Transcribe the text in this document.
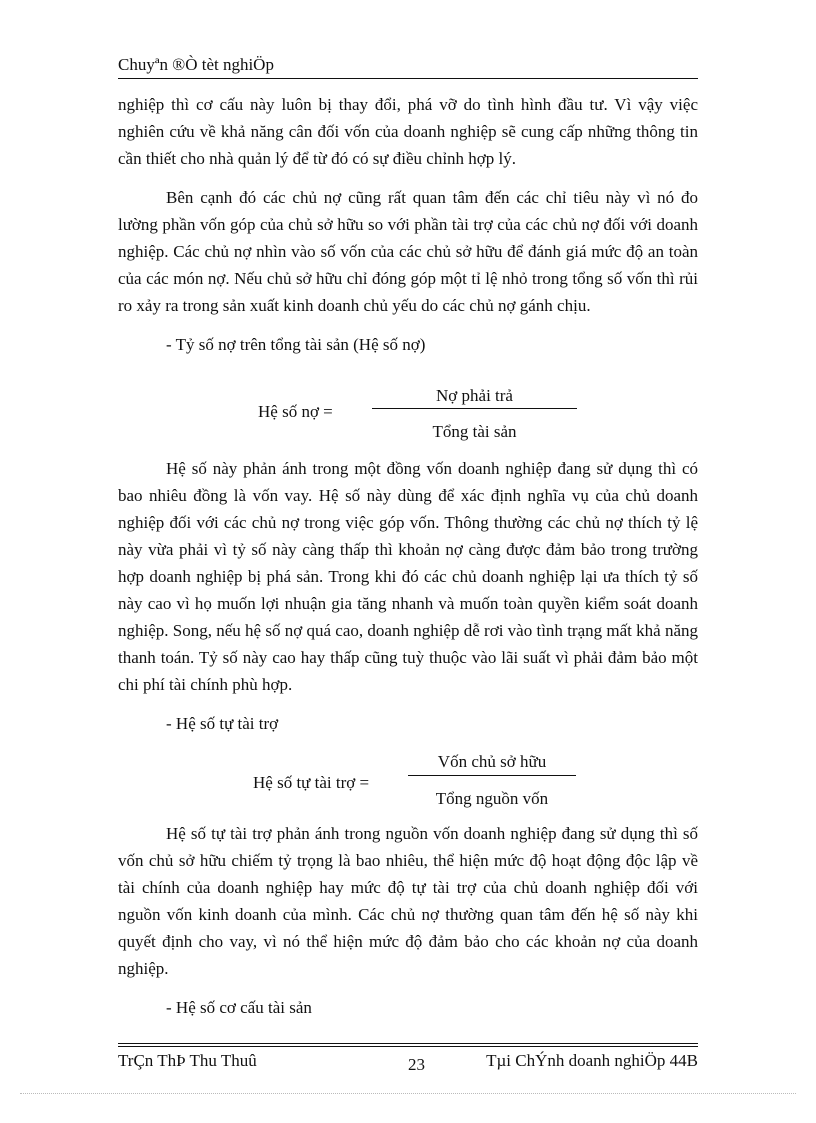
Chuyªn ®Ò tèt nghiÖp

nghiệp thì cơ cấu này luôn bị thay đổi, phá vỡ do tình hình đầu tư. Vì vậy việc nghiên cứu về khả năng cân đối vốn của doanh nghiệp sẽ cung cấp những thông tin cần thiết cho nhà quản lý để từ đó có sự điều chỉnh hợp lý.

Bên cạnh đó các chủ nợ cũng rất quan tâm đến các chỉ tiêu này vì nó đo lường phần vốn góp của chủ sở hữu so với phần tài trợ của các chủ nợ đối với doanh nghiệp. Các chủ nợ nhìn vào số vốn của các chủ sở hữu để đánh giá mức độ an toàn của các món nợ. Nếu chủ sở hữu chỉ đóng góp một tỉ lệ nhỏ trong tổng số vốn thì rủi ro xảy ra trong sản xuất kinh doanh chủ yếu do các chủ nợ gánh chịu.

- Tỷ số nợ trên tổng tài sản (Hệ số nợ)

Hệ số nợ =
Nợ phải trả
Tổng tài sản

Hệ số này phản ánh trong một đồng vốn doanh nghiệp đang sử dụng thì có bao nhiêu đồng là vốn vay. Hệ số này dùng để xác định nghĩa vụ của chủ doanh nghiệp đối với các chủ nợ trong việc góp vốn. Thông thường các chủ nợ thích tỷ lệ này vừa phải vì tỷ số này càng thấp thì khoản nợ càng được đảm bảo trong trường hợp doanh nghiệp bị phá sản. Trong khi đó các chủ doanh nghiệp lại ưa thích tỷ số này cao vì họ muốn lợi nhuận gia tăng nhanh và muốn toàn quyền kiểm soát doanh nghiệp. Song, nếu hệ số nợ quá cao, doanh nghiệp dễ rơi vào tình trạng mất khả năng thanh toán. Tỷ số này cao hay thấp cũng tuỳ thuộc vào lãi suất vì phải đảm bảo một chi phí tài chính phù hợp.

- Hệ số tự tài trợ

Hệ số tự tài trợ =
Vốn chủ sở hữu
Tổng nguồn vốn

Hệ số tự tài trợ phản ánh trong nguồn vốn doanh nghiệp đang sử dụng thì số vốn chủ sở hữu chiếm tỷ trọng là bao nhiêu, thể hiện mức độ hoạt động độc lập về tài chính của doanh nghiệp hay mức độ tự tài trợ của chủ doanh nghiệp đối với nguồn vốn kinh doanh của mình. Các chủ nợ thường quan tâm đến hệ số này khi quyết định cho vay, vì nó thể hiện mức độ đảm bảo cho các khoản nợ của doanh nghiệp.

- Hệ số cơ cấu tài sản

TrÇn ThÞ Thu Thuû	23	Tµi ChÝnh doanh nghiÖp 44B
